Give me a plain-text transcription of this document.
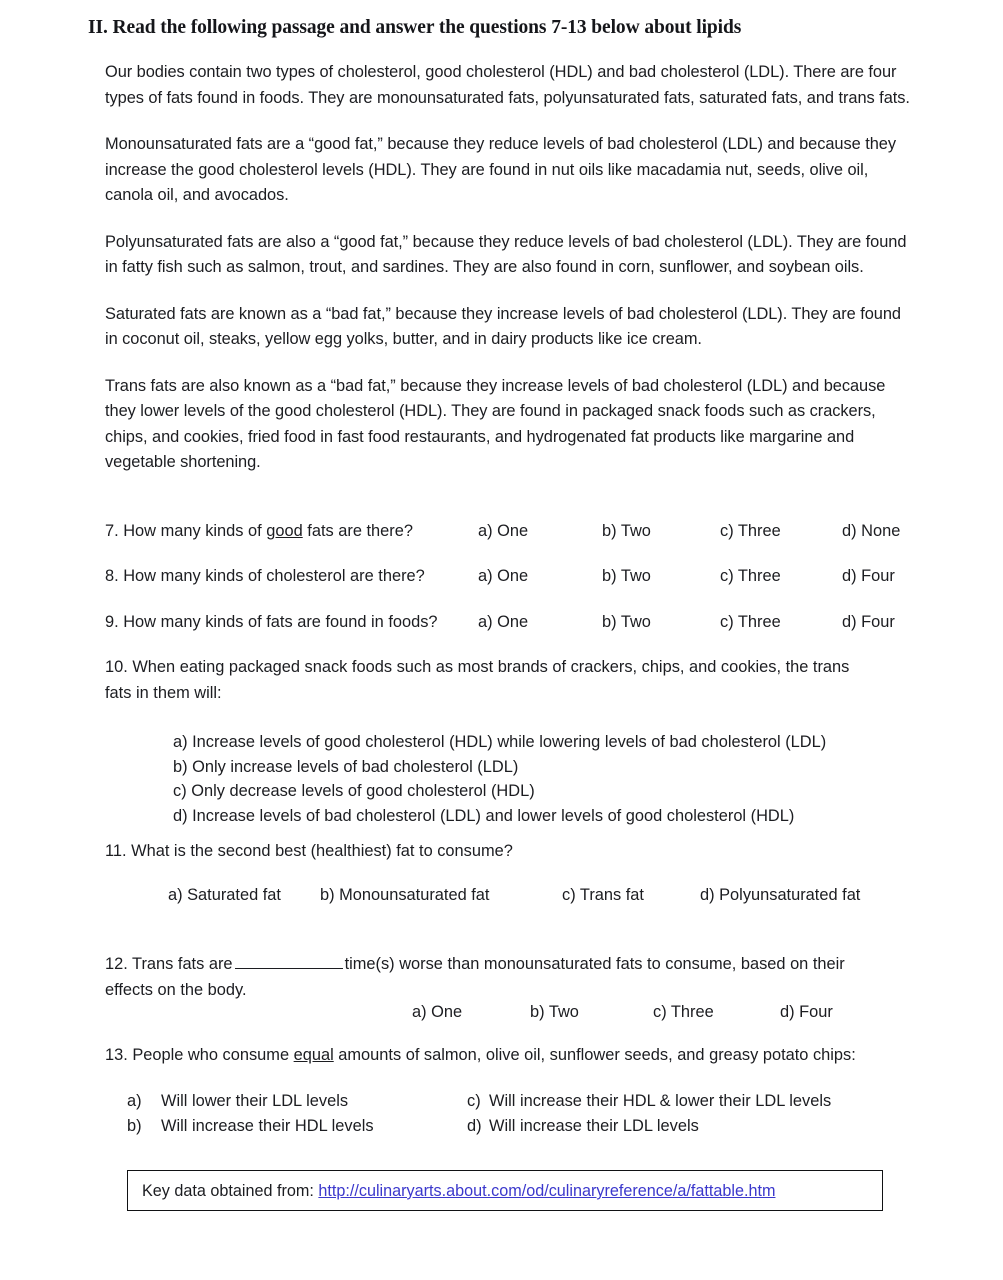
II. Read the following passage and answer the questions 7-13 below about lipids

Our bodies contain two types of cholesterol, good cholesterol (HDL) and bad cholesterol (LDL). There are four types of fats found in foods. They are monounsaturated fats, polyunsaturated fats, saturated fats, and trans fats.

Monounsaturated fats are a “good fat,” because they reduce levels of bad cholesterol (LDL) and because they increase the good cholesterol levels (HDL). They are found in nut oils like macadamia nut, seeds, olive oil, canola oil, and avocados.

Polyunsaturated fats are also a “good fat,” because they reduce levels of bad cholesterol (LDL). They are found in fatty fish such as salmon, trout, and sardines. They are also found in corn, sunflower, and soybean oils.

Saturated fats are known as a “bad fat,” because they increase levels of bad cholesterol (LDL). They are found in coconut oil, steaks, yellow egg yolks, butter, and in dairy products like ice cream.

Trans fats are also known as a “bad fat,” because they increase levels of bad cholesterol (LDL) and because they lower levels of the good cholesterol (HDL). They are found in packaged snack foods such as crackers, chips, and cookies, fried food in fast food restaurants, and hydrogenated fat products like margarine and vegetable shortening.

7. How many kinds of good fats are there?	a) One	b) Two	c) Three	d) None
8. How many kinds of cholesterol are there?	a) One	b) Two	c) Three	d) Four
9. How many kinds of fats are found in foods? a) One	b) Two	c) Three	d) Four

10. When eating packaged snack foods such as most brands of crackers, chips, and cookies, the trans

fats in them will:

a) Increase levels of good cholesterol (HDL) while lowering levels of bad cholesterol (LDL)
b) Only increase levels of bad cholesterol (LDL)
c) Only decrease levels of good cholesterol (HDL)
d) Increase levels of bad cholesterol (LDL) and lower levels of good cholesterol (HDL)

11. What is the second best (healthiest) fat to consume?

a) Saturated fat b) Monounsaturated fat	c) Trans fat	d) Polyunsaturated fat

12. Trans fats are	time(s) worse than monounsaturated fats to consume, based on their

effects on the body.

a) One	b) Two	c) Three	d) Four

13. People who consume equal amounts of salmon, olive oil, sunflower seeds, and greasy potato chips:

a) Will lower their LDL levels
b) Will increase their HDL levels
c) Will increase their HDL & lower their LDL levels
d) Will increase their LDL levels
Key data obtained from: http://culinaryarts.about.com/od/culinaryreference/a/fattable.htm
